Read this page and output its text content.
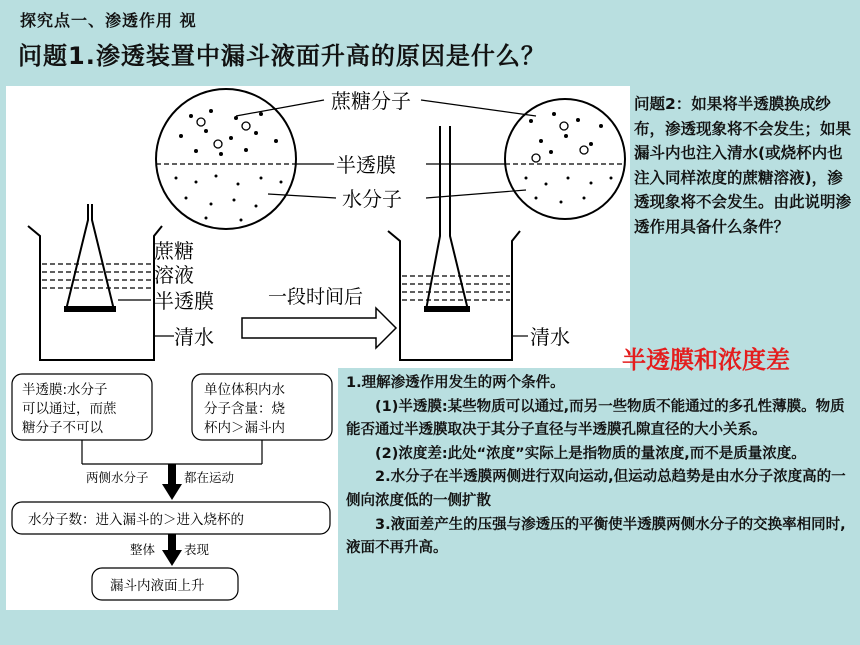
探究点一、渗透作用 视
问题1.渗透装置中漏斗液面升高的原因是什么？
蔗糖分子
半透膜
水分子
蔗糖
溶液
半透膜
清水
一段时间后
清水
半透膜:水分子
可以通过，而蔗
糖分子不可以
单位体积内水
分子含量：烧
杯内＞漏斗内
两侧水分子	都在运动
水分子数：进入漏斗的＞进入烧杯的
整体 表现
漏斗内液面上升
问题2：如果将半透膜换成纱布，渗透现象将不会发生；如果漏斗内也注入清水(或烧杯内也注入同样浓度的蔗糖溶液)，渗透现象将不会发生。由此说明渗透作用具备什么条件？
半透膜和浓度差

1.理解渗透作用发生的两个条件。

(1)半透膜:某些物质可以通过,而另一些物质不能通过的多孔性薄膜。物质能否通过半透膜取决于其分子直径与半透膜孔隙直径的大小关系。

(2)浓度差:此处“浓度”实际上是指物质的量浓度,而不是质量浓度。

2.水分子在半透膜两侧进行双向运动,但运动总趋势是由水分子浓度高的一侧向浓度低的一侧扩散

3.液面差产生的压强与渗透压的平衡使半透膜两侧水分子的交换率相同时,液面不再升高。
